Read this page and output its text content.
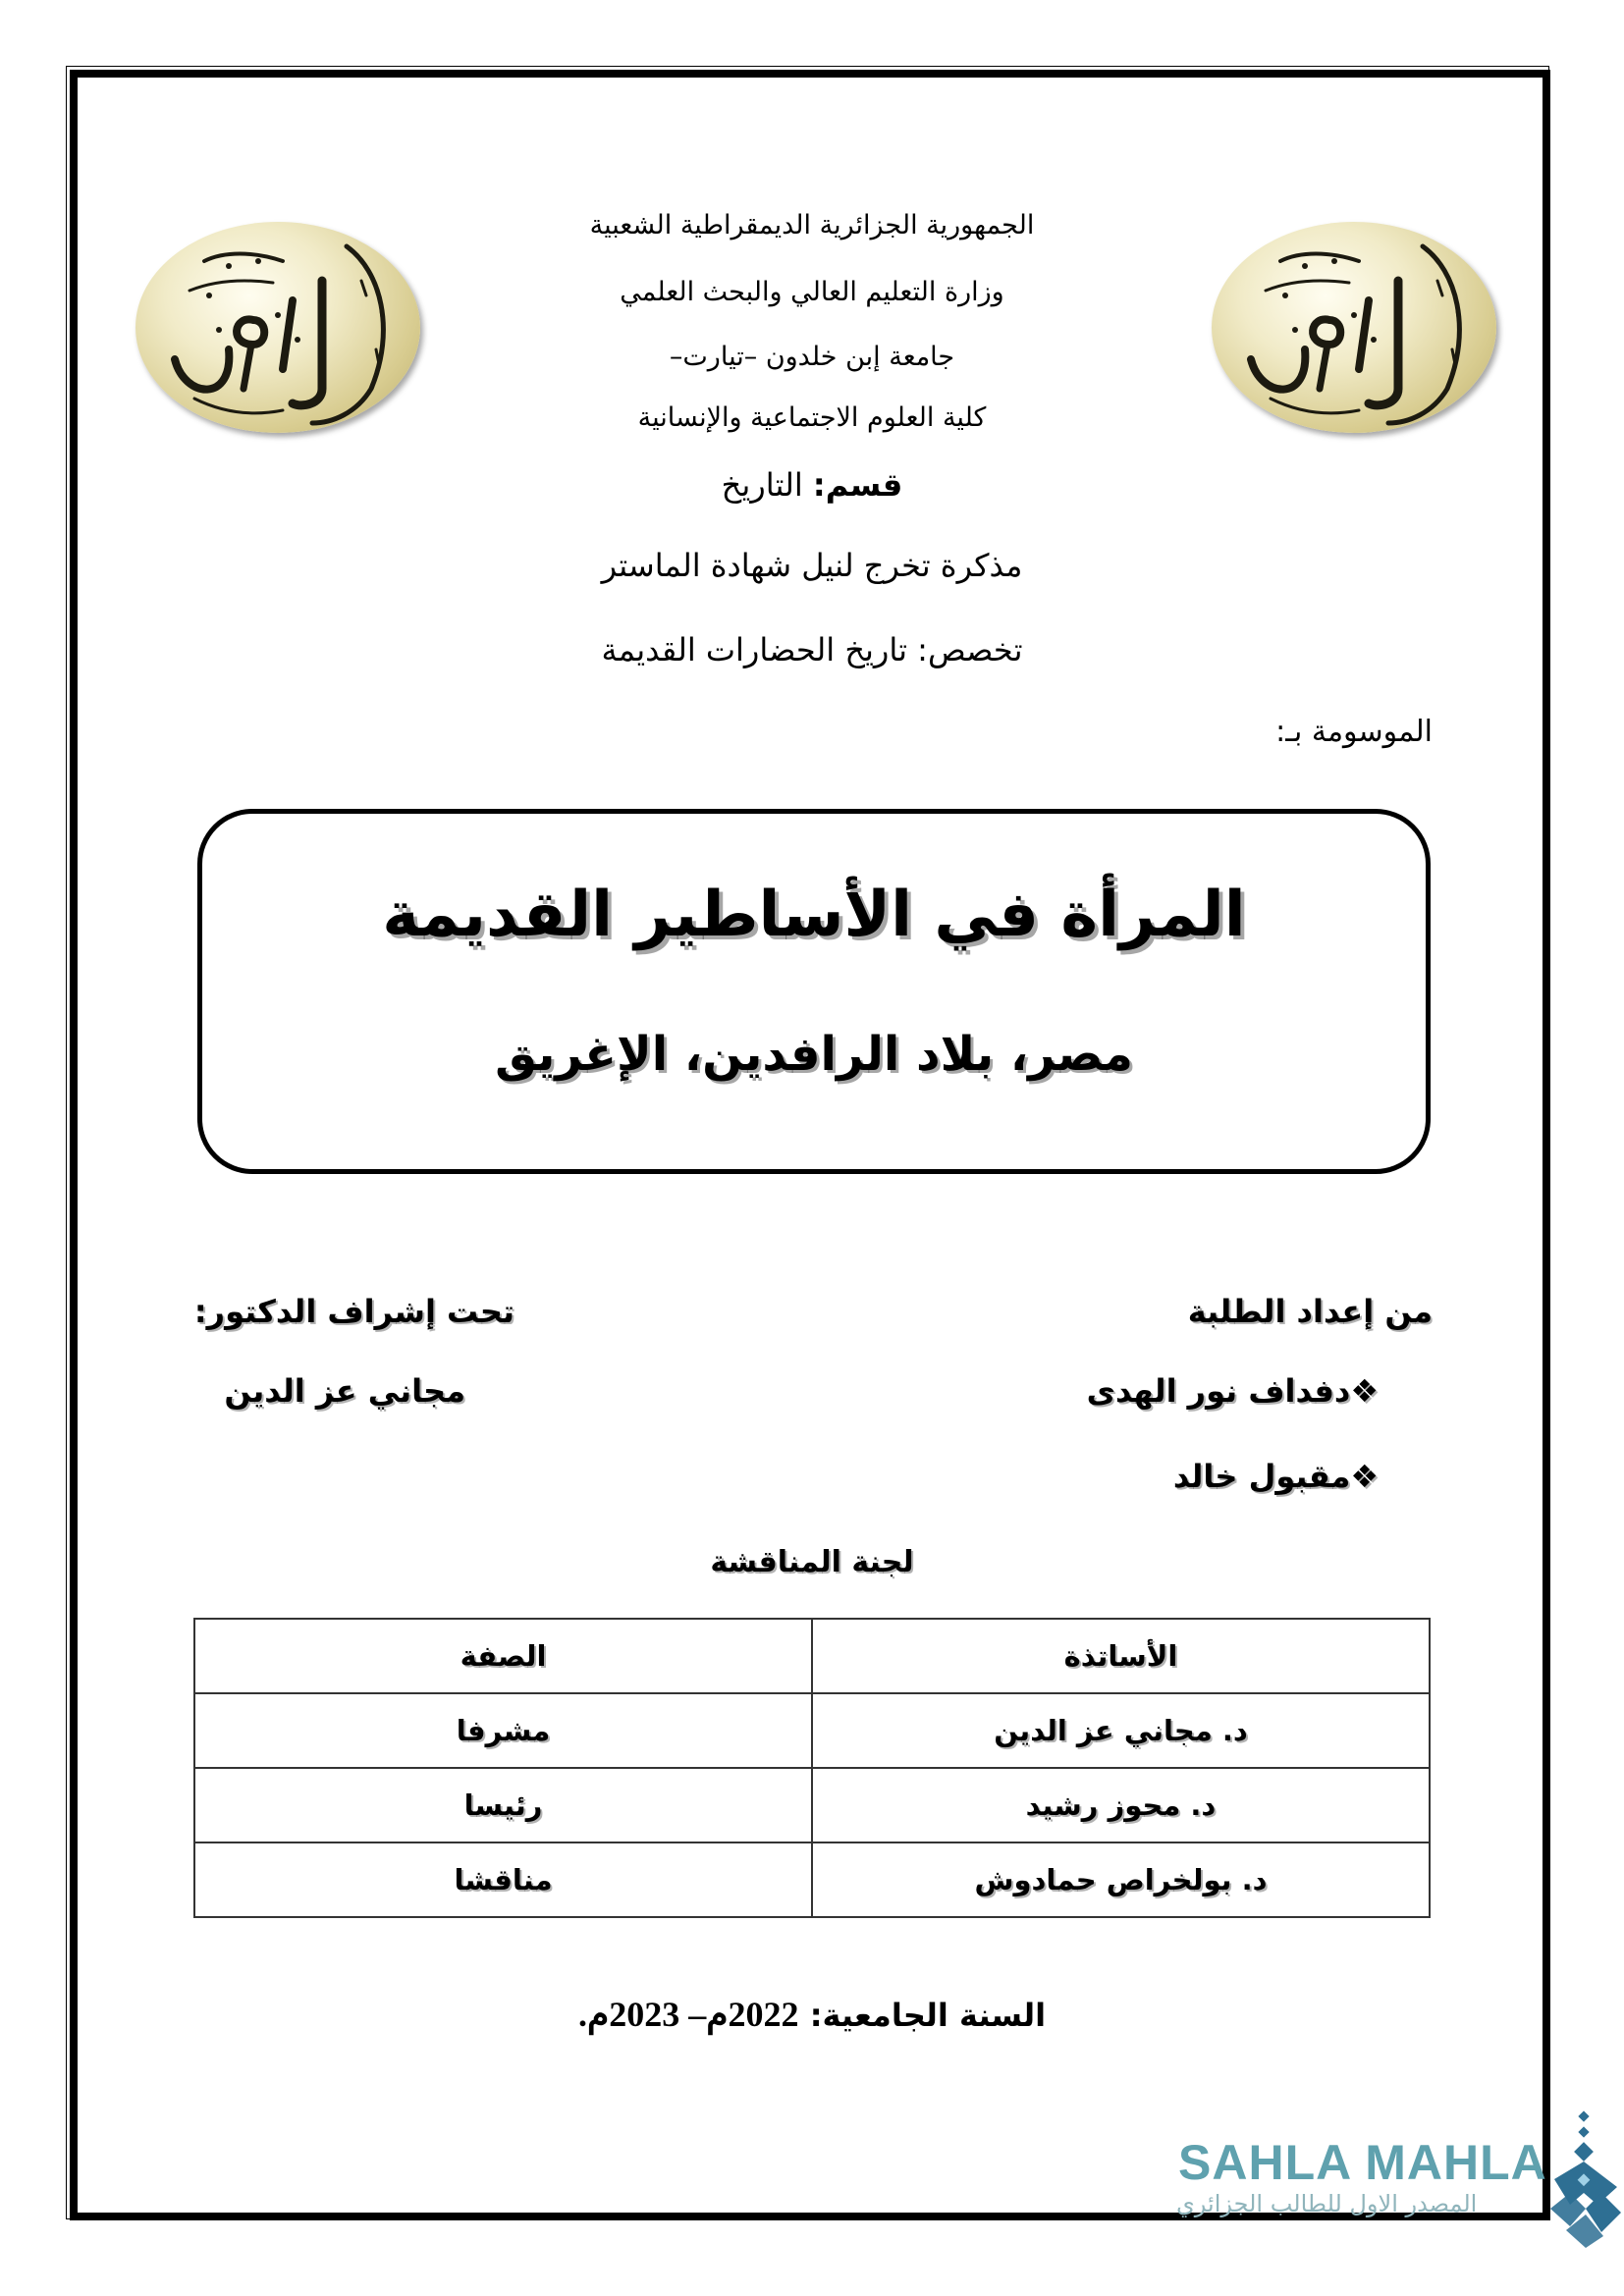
الجمهورية الجزائرية الديمقراطية الشعبية
وزارة التعليم العالي والبحث العلمي
جامعة إبن خلدون –تيارت–
كلية العلوم الاجتماعية والإنسانية
قسم: التاريخ
مذكرة تخرج لنيل شهادة الماستر
تخصص: تاريخ الحضارات القديمة
الموسومة بـ:
المرأة في الأساطير القديمة
مصر، بلاد الرافدين، الإغريق
من إعداد الطلبة
❖دفداف نور الهدى
❖مقبول خالد
تحت إشراف الدكتور:
مجاني عز الدين
لجنة المناقشة
الأساتذة	الصفة
د. مجاني عز الدين	مشرفا
د. محوز رشيد	رئيسا
د. بولخراص حمادوش	مناقشا
السنة الجامعية: 2022م– 2023م.
SAHLA MAHLA
المصدر الاول للطالب الجزائري
